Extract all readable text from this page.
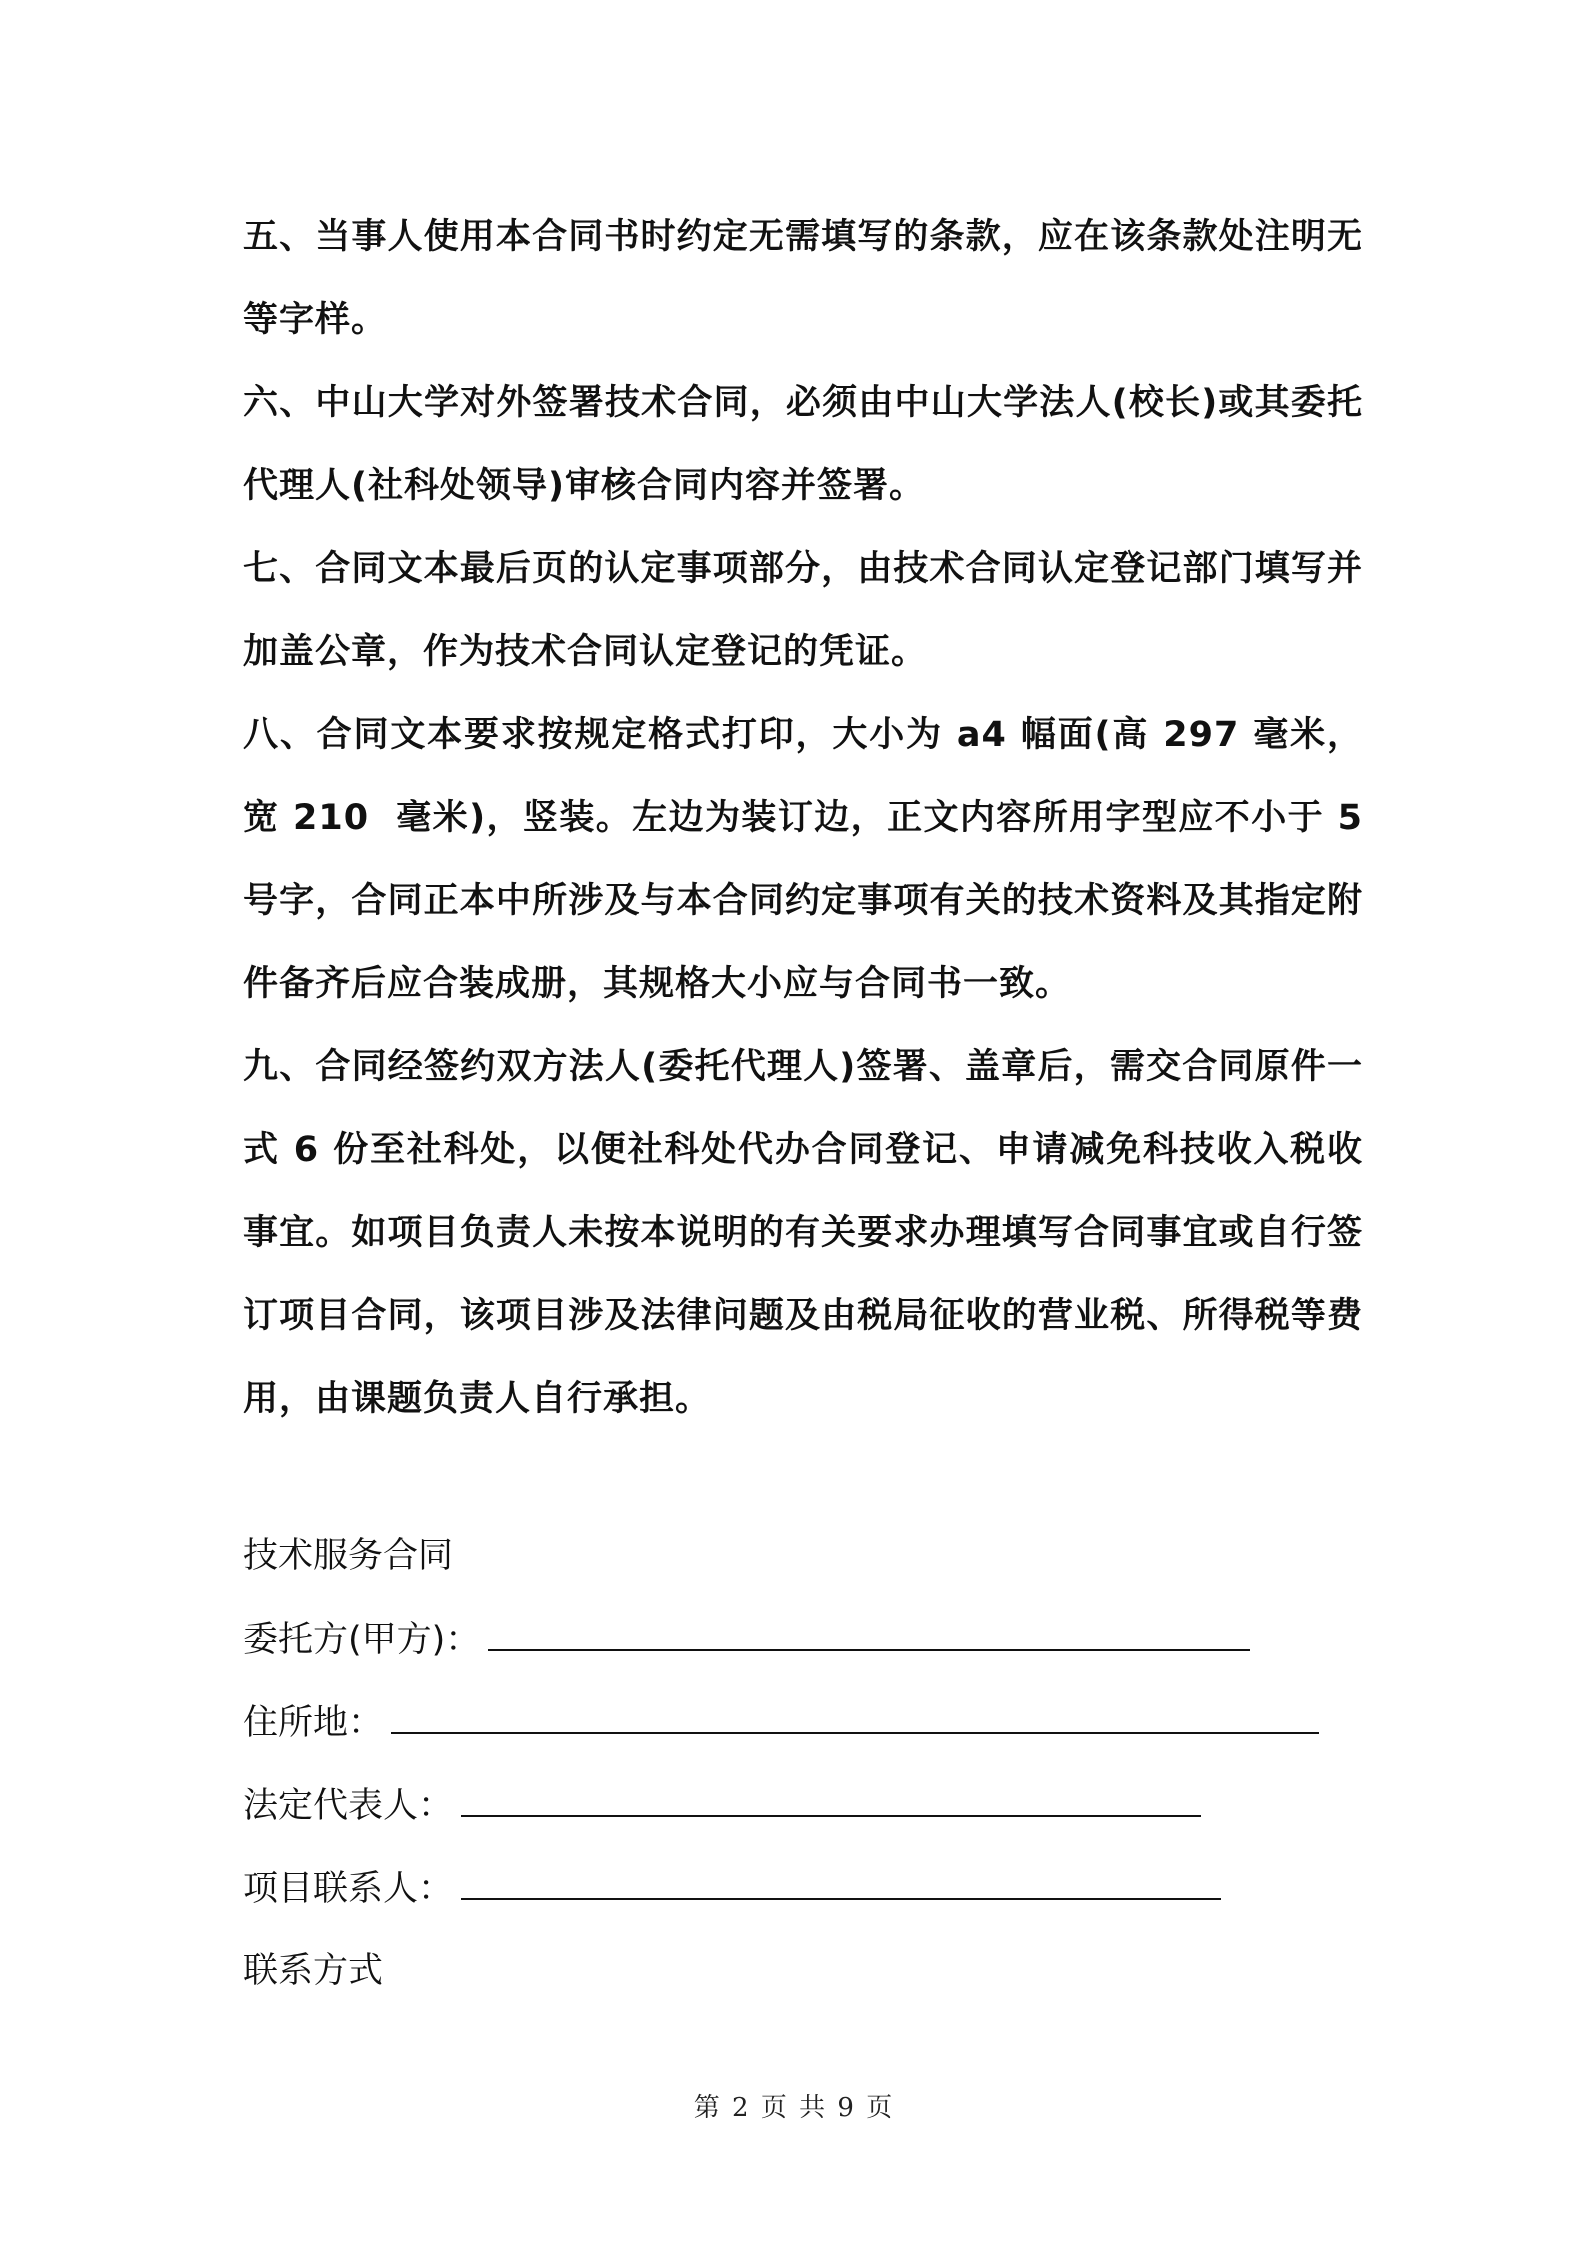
五、当事人使用本合同书时约定无需填写的条款，应在该条款处注明无等字样。

六、中山大学对外签署技术合同，必须由中山大学法人(校长)或其委托  代理人(社科处领导)审核合同内容并签署。

七、合同文本最后页的认定事项部分，由技术合同认定登记部门填写并加盖公章，作为技术合同认定登记的凭证。

八、合同文本要求按规定格式打印，大小为 a4 幅面(高 297 毫米，宽 210  毫米)，竖装。左边为装订边，正文内容所用字型应不小于 5 号字，合同正本中所涉及与本合同约定事项有关的技术资料及其指定附件备齐后应合装成册，其规格大小应与合同书一致。

九、合同经签约双方法人(委托代理人)签署、盖章后，需交合同原件一  式 6 份至社科处，以便社科处代办合同登记、申请减免科技收入税收事宜。如项目负责人未按本说明的有关要求办理填写合同事宜或自行签订项目合同，该项目涉及法律问题及由税局征收的营业税、所得税等费用，由课题负责人自行承担。

技术服务合同
委托方(甲方)：
住所地：
法定代表人：
项目联系人：
联系方式
第 2 页 共 9 页
